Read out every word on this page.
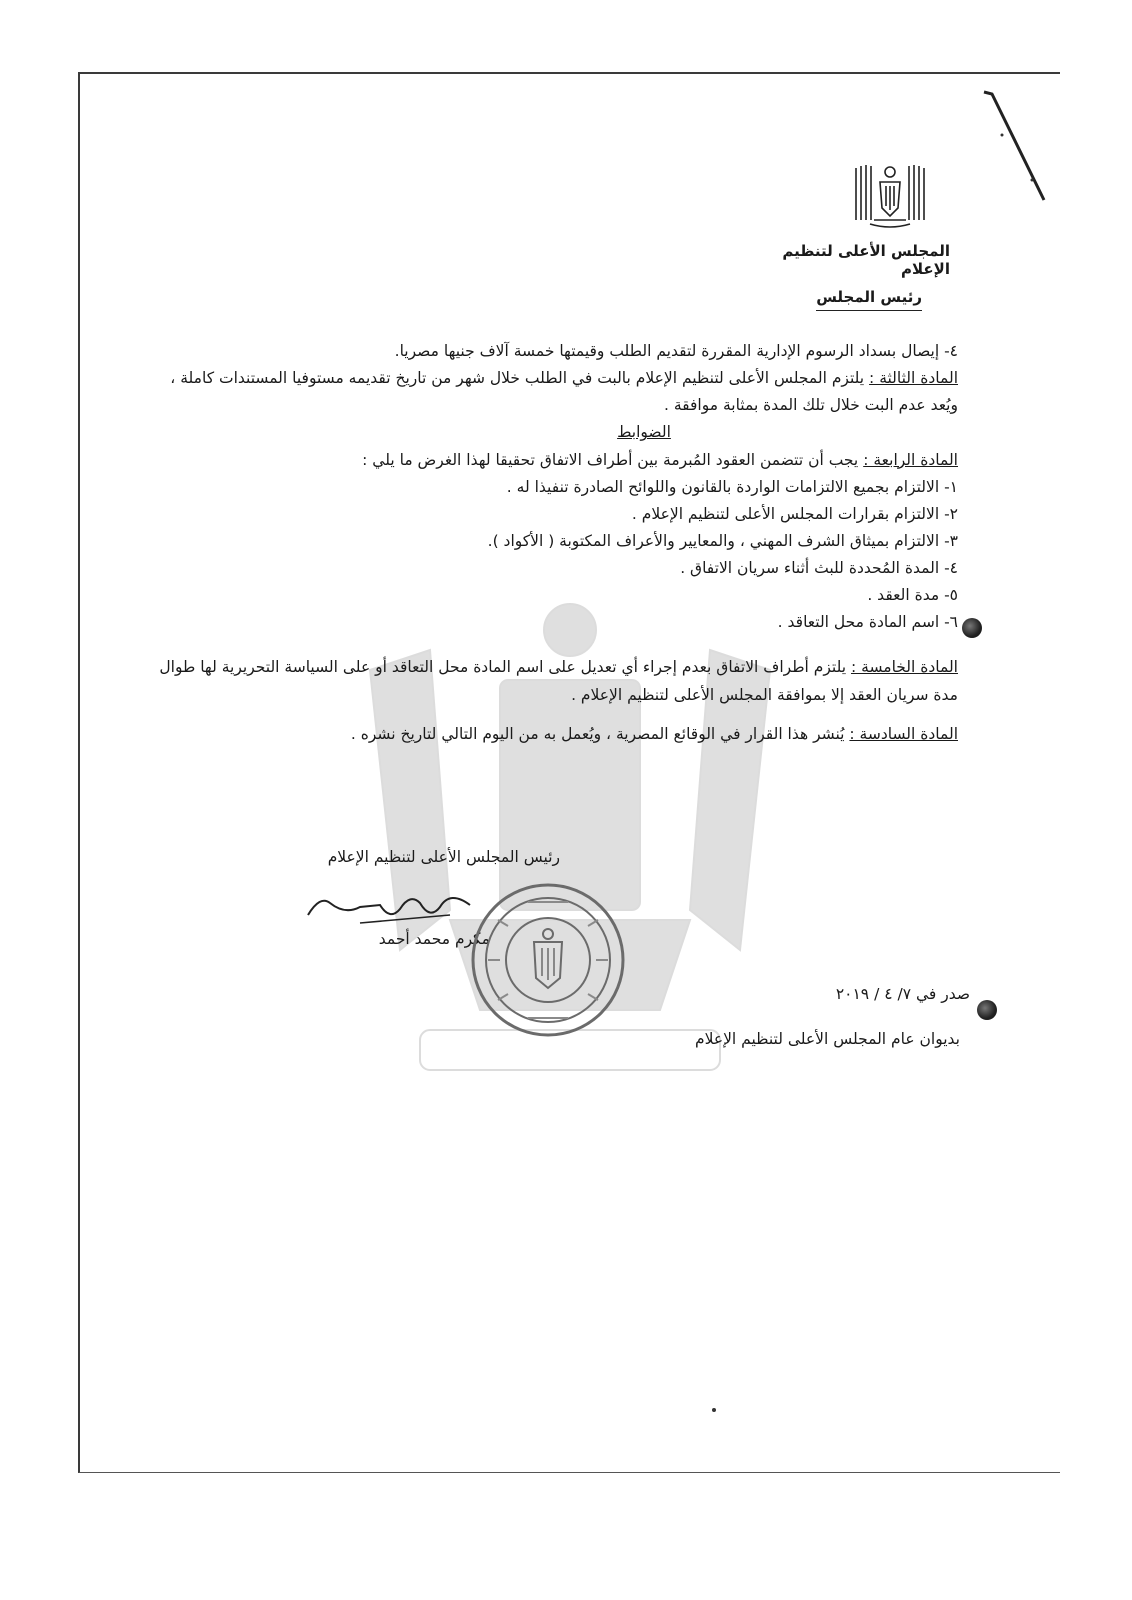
المجلس الأعلى لتنظيم الإعلام
رئيس المجلس

٤- إيصال بسداد الرسوم الإدارية المقررة لتقديم الطلب وقيمتها خمسة آلاف جنيها مصريا.

المادة الثالثة : يلتزم المجلس الأعلى لتنظيم الإعلام بالبت في الطلب خلال شهر من تاريخ تقديمه مستوفيا المستندات كاملة ، ويُعد عدم البت خلال تلك المدة بمثابة موافقة .

الضوابط

المادة الرابعة : يجب أن تتضمن العقود المُبرمة بين أطراف الاتفاق تحقيقا لهذا الغرض ما يلي :

١- الالتزام بجميع الالتزامات الواردة بالقانون واللوائح الصادرة تنفيذا له .

٢- الالتزام بقرارات المجلس الأعلى لتنظيم الإعلام .

٣- الالتزام بميثاق الشرف المهني ، والمعايير والأعراف المكتوبة ( الأكواد ).

٤- المدة المُحددة للبث أثناء سريان الاتفاق .

٥- مدة العقد .

٦- اسم المادة محل التعاقد .

المادة الخامسة : يلتزم أطراف الاتفاق بعدم إجراء أي تعديل على اسم المادة محل التعاقد أو على السياسة التحريرية لها طوال مدة سريان العقد إلا بموافقة المجلس الأعلى لتنظيم الإعلام .

المادة السادسة : يُنشر هذا القرار في الوقائع المصرية ، ويُعمل به من اليوم التالي لتاريخ نشره .

رئيس المجلس الأعلى لتنظيم الإعلام
مكرم محمد أحمد
صدر في ٧/ ٤ / ٢٠١٩
بديوان عام المجلس الأعلى لتنظيم الإعلام
